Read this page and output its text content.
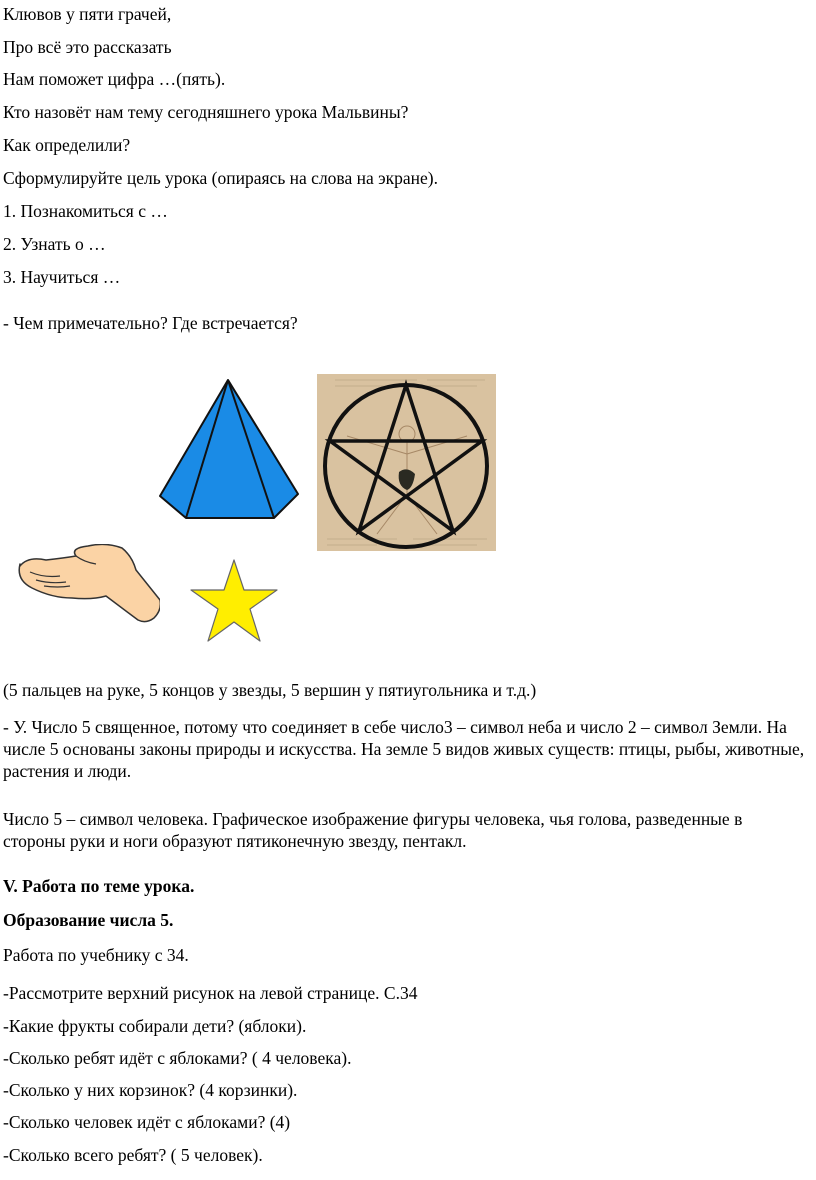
Клювов у пяти грачей,

Про всё это рассказать

Нам поможет цифра …(пять).

Кто назовёт нам тему сегодняшнего урока Мальвины?

Как определили?

Сформулируйте цель урока (опираясь на слова на экране).

1. Познакомиться с …

2. Узнать о …

3. Научиться …

- Чем примечательно? Где встречается?

(5 пальцев на руке, 5 концов у звезды, 5 вершин у пятиугольника и т.д.)

- У. Число 5 священное, потому что соединяет в себе число3 – символ неба и число 2 – символ Земли. На числе 5 основаны законы природы и искусства. На земле 5 видов живых существ: птицы, рыбы, животные, растения и люди.

Число 5 – символ человека. Графическое изображение фигуры человека, чья голова, разведенные в стороны руки и ноги образуют пятиконечную звезду, пентакл.

V. Работа по теме урока.

Образование числа 5.

Работа по учебнику с 34.

-Рассмотрите верхний рисунок на левой странице. С.34

-Какие фрукты собирали дети? (яблоки).

-Сколько ребят идёт с яблоками? ( 4 человека).

-Сколько у них корзинок? (4 корзинки).

-Сколько человек идёт с яблоками? (4)

-Сколько всего ребят? ( 5 человек).
